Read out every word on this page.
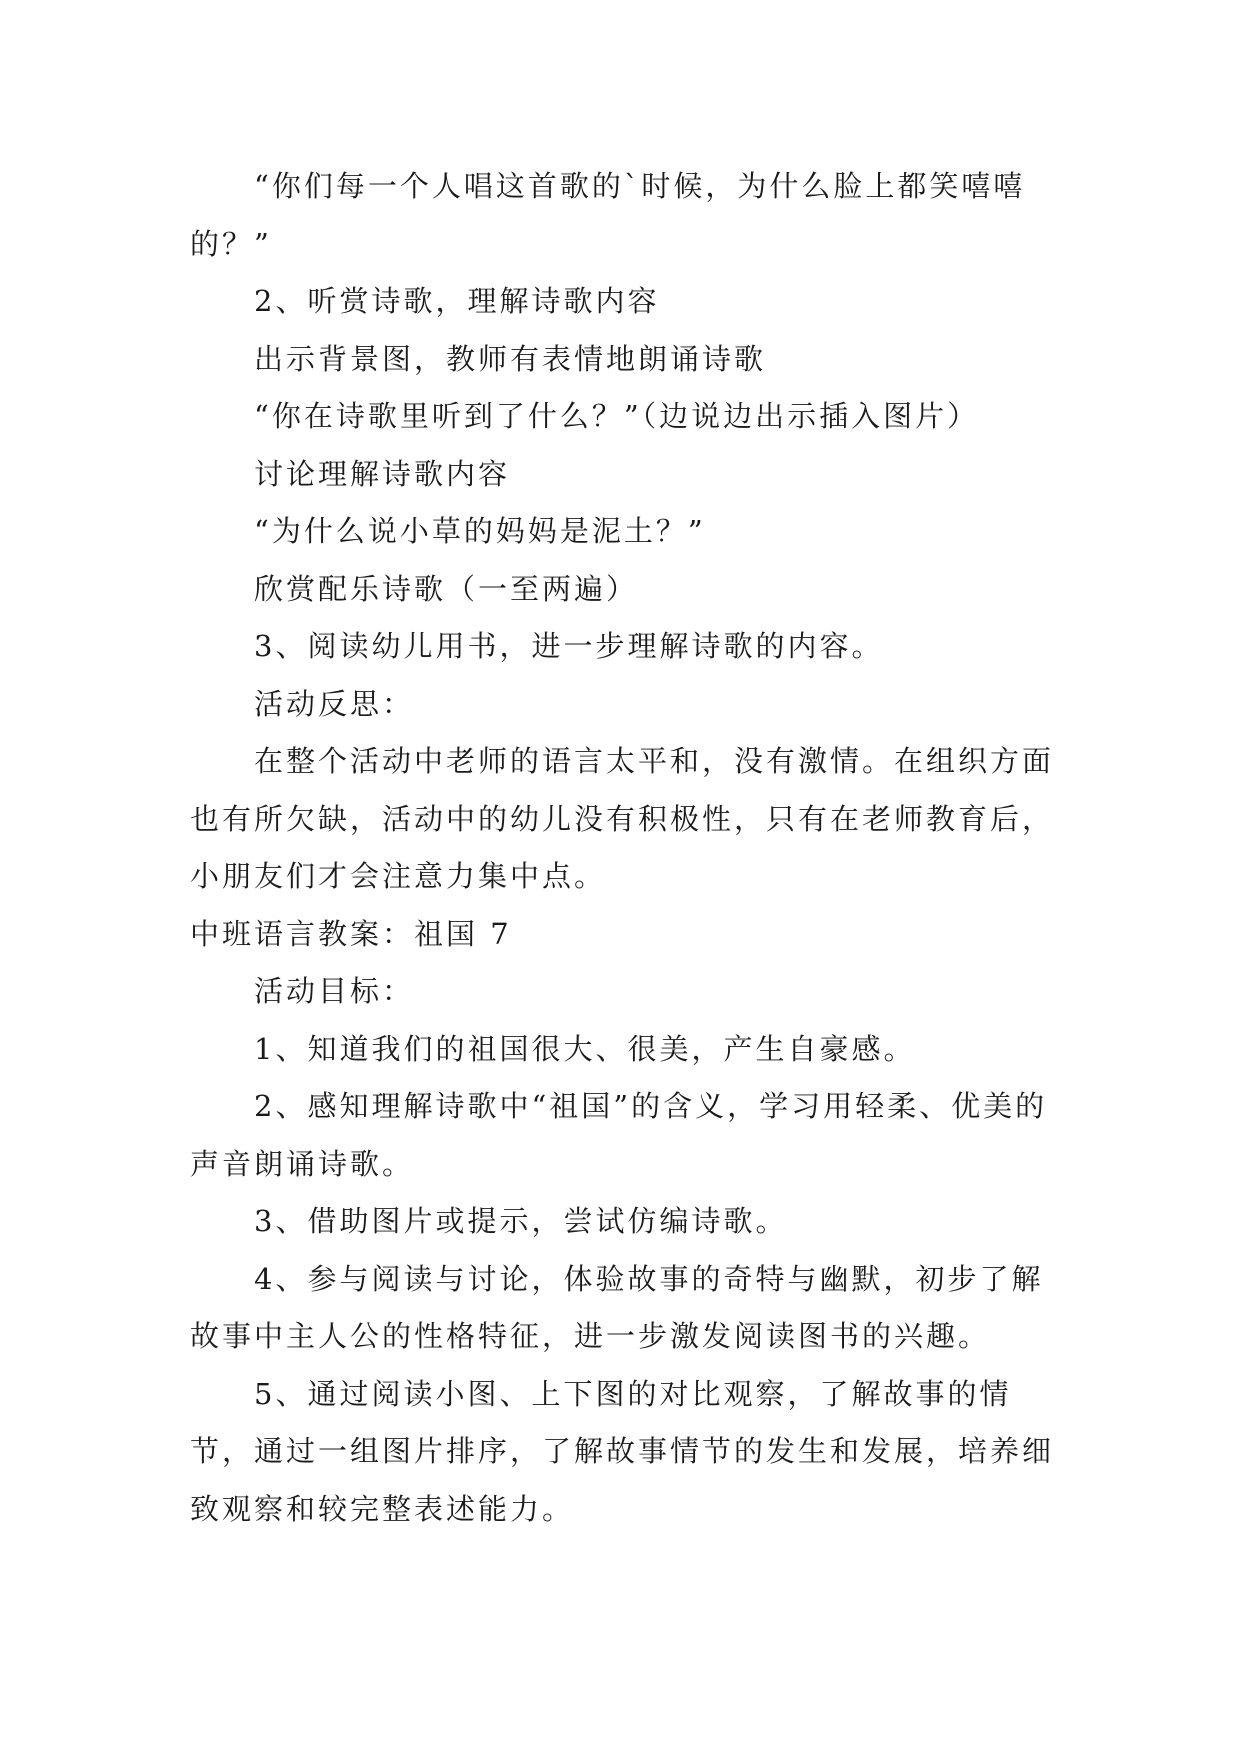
“你们每一个人唱这首歌的`时候，为什么脸上都笑嘻嘻的？”

2、听赏诗歌，理解诗歌内容

出示背景图，教师有表情地朗诵诗歌

“你在诗歌里听到了什么？”（边说边出示插入图片）

讨论理解诗歌内容

“为什么说小草的妈妈是泥土？”

欣赏配乐诗歌（一至两遍）

3、阅读幼儿用书，进一步理解诗歌的内容。

活动反思：

在整个活动中老师的语言太平和，没有激情。在组织方面也有所欠缺，活动中的幼儿没有积极性，只有在老师教育后，小朋友们才会注意力集中点。

中班语言教案：祖国 7

活动目标：

1、知道我们的祖国很大、很美，产生自豪感。

2、感知理解诗歌中“祖国”的含义，学习用轻柔、优美的声音朗诵诗歌。

3、借助图片或提示，尝试仿编诗歌。

4、参与阅读与讨论，体验故事的奇特与幽默，初步了解故事中主人公的性格特征，进一步激发阅读图书的兴趣。

5、通过阅读小图、上下图的对比观察，了解故事的情节，通过一组图片排序，了解故事情节的发生和发展，培养细致观察和较完整表述能力。
